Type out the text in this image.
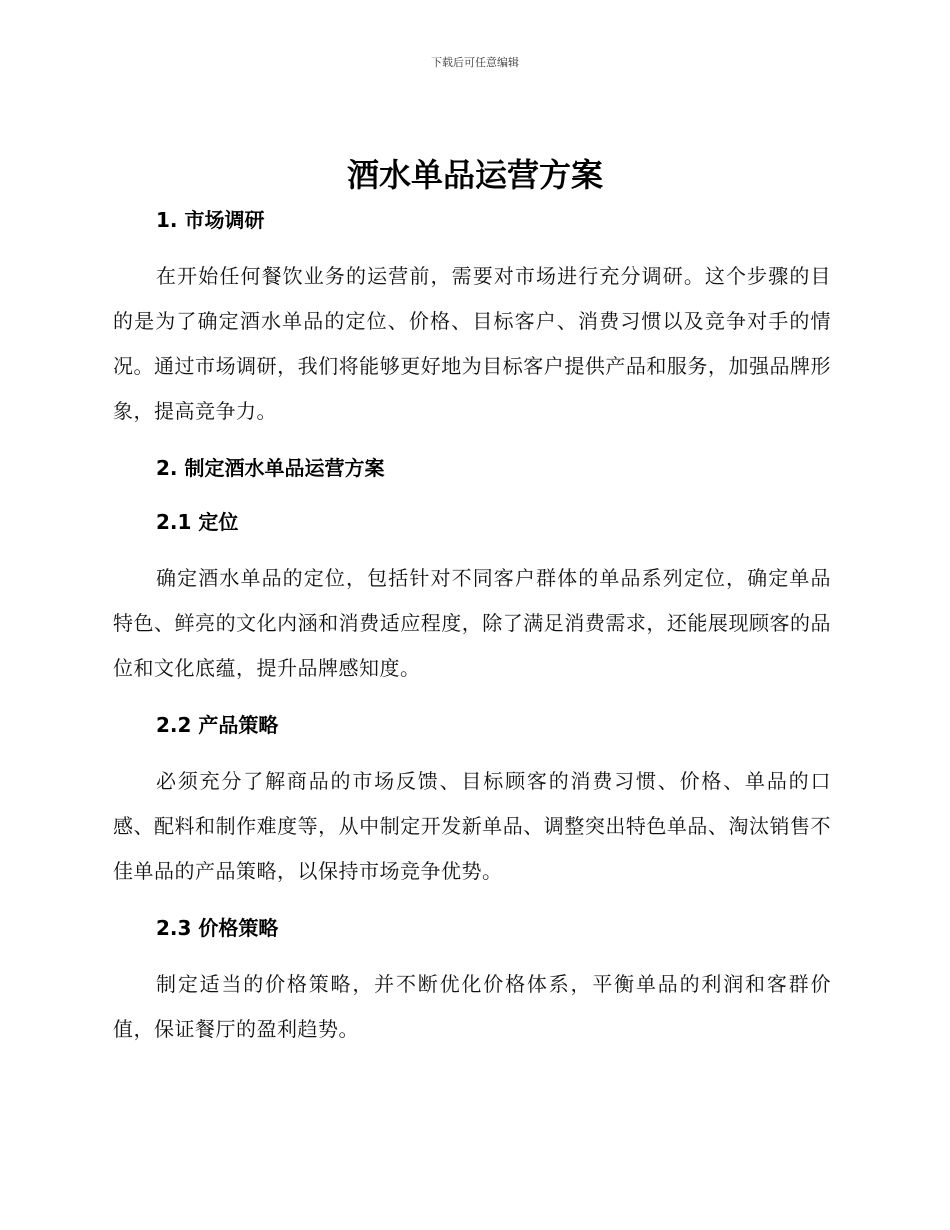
下载后可任意编辑
酒水单品运营方案
1. 市场调研

在开始任何餐饮业务的运营前，需要对市场进行充分调研。这个步骤的目的是为了确定酒水单品的定位、价格、目标客户、消费习惯以及竞争对手的情况。通过市场调研，我们将能够更好地为目标客户提供产品和服务，加强品牌形象，提高竞争力。

2. 制定酒水单品运营方案
2.1 定位

确定酒水单品的定位，包括针对不同客户群体的单品系列定位，确定单品特色、鲜亮的文化内涵和消费适应程度，除了满足消费需求，还能展现顾客的品位和文化底蕴，提升品牌感知度。

2.2 产品策略

必须充分了解商品的市场反馈、目标顾客的消费习惯、价格、单品的口感、配料和制作难度等，从中制定开发新单品、调整突出特色单品、淘汰销售不佳单品的产品策略，以保持市场竞争优势。

2.3 价格策略

制定适当的价格策略，并不断优化价格体系，平衡单品的利润和客群价值，保证餐厅的盈利趋势。
